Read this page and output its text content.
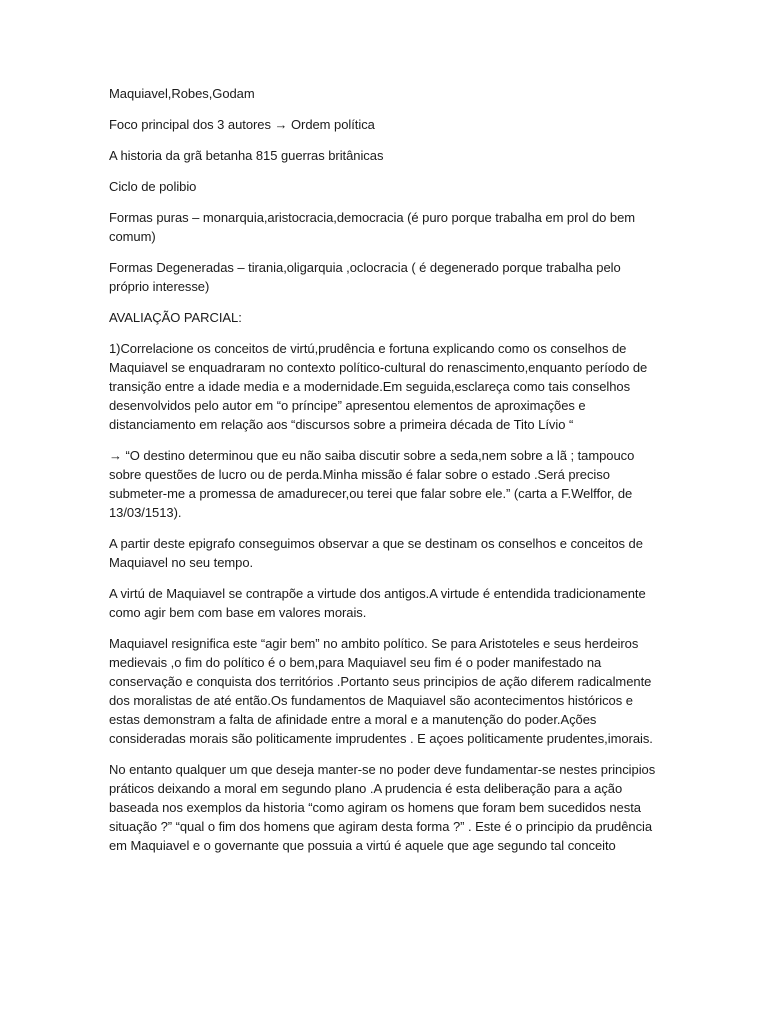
Maquiavel,Robes,Godam

Foco principal dos 3 autores → Ordem política

A historia da grã betanha 815 guerras britânicas

Ciclo de polibio

Formas puras – monarquia,aristocracia,democracia (é puro porque trabalha em prol do bem comum)

Formas Degeneradas – tirania,oligarquia ,oclocracia ( é degenerado porque trabalha pelo próprio interesse)

AVALIAÇÃO PARCIAL:

1)Correlacione os conceitos de virtú,prudência e fortuna explicando como os conselhos de Maquiavel se enquadraram no contexto político-cultural do renascimento,enquanto período de transição entre a idade media e a modernidade.Em seguida,esclareça como tais conselhos desenvolvidos pelo autor em “o príncipe” apresentou elementos de aproximações e distanciamento em relação aos “discursos sobre a primeira década de Tito Lívio “

→ “O destino determinou que eu não saiba discutir sobre a seda,nem sobre a lã ; tampouco sobre questões de lucro ou de perda.Minha missão é falar sobre o estado .Será preciso submeter-me a promessa de amadurecer,ou terei que falar sobre ele.” (carta a F.Welffor, de 13/03/1513).

A partir deste epigrafo conseguimos observar a que se destinam os conselhos e conceitos de Maquiavel no seu tempo.

A virtú de Maquiavel se contrapõe a virtude dos antigos.A virtude é entendida tradicionamente como agir bem com base em valores morais.

Maquiavel resignifica este “agir bem” no ambito político. Se para Aristoteles e seus herdeiros medievais ,o fim do político é o bem,para Maquiavel seu fim é o poder manifestado na conservação e conquista dos territórios .Portanto seus principios de ação diferem radicalmente dos moralistas de até então.Os fundamentos de Maquiavel são acontecimentos históricos e estas demonstram a falta de afinidade entre a moral e a manutenção do poder.Ações consideradas morais são politicamente imprudentes . E açoes politicamente prudentes,imorais.

No entanto qualquer um que deseja manter-se no poder deve fundamentar-se nestes principios práticos deixando a moral em segundo plano .A prudencia é esta deliberação para a ação baseada nos exemplos da historia “como agiram os homens que foram bem sucedidos nesta situação ?” “qual o fim dos homens que agiram desta forma ?” . Este é o principio da prudência em Maquiavel e o governante que possuia a virtú é aquele que age segundo tal conceito
